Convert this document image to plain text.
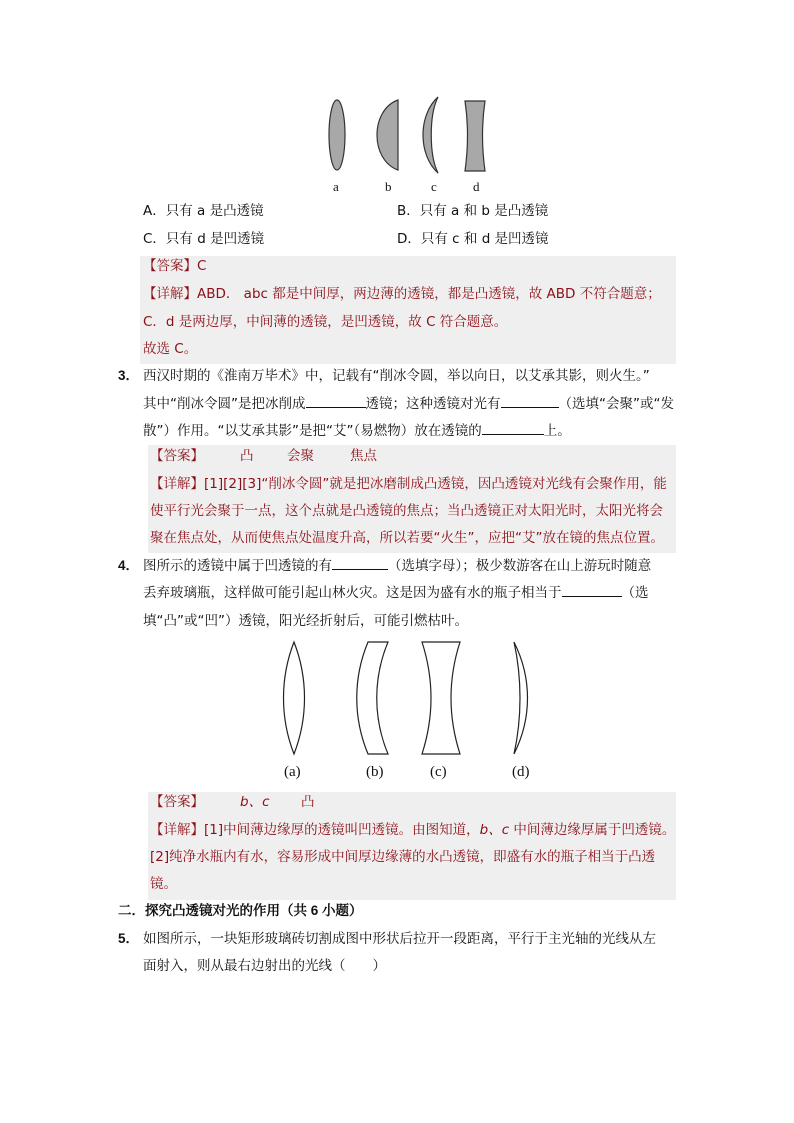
a	b	c	d
A．只有 a 是凸透镜	B．只有 a 和 b 是凸透镜
C．只有 d 是凹透镜	D．只有 c 和 d 是凹透镜
【答案】C
【详解】ABD． abc 都是中间厚，两边薄的透镜，都是凸透镜，故 ABD 不符合题意；
C．d 是两边厚，中间薄的透镜，是凹透镜，故 C 符合题意。
故选 C。
3． 西汉时期的《淮南万毕术》中，记载有“削冰令圆，举以向日，以艾承其影，则火生。”
其中“削冰令圆”是把冰削成	透镜；这种透镜对光有	（选填“会聚”或“发
散”）作用。“以艾承其影”是把“艾”（易燃物）放在透镜的	上。
【答案】	凸 会聚	焦点
【详解】[1][2][3]“削冰令圆”就是把冰磨制成凸透镜，因凸透镜对光线有会聚作用，能
使平行光会聚于一点，这个点就是凸透镜的焦点；当凸透镜正对太阳光时，太阳光将会
聚在焦点处，从而使焦点处温度升高，所以若要“火生”，应把“艾”放在镜的焦点位置。
4． 图所示的透镜中属于凹透镜的有	（选填字母）；极少数游客在山上游玩时随意
丢弃玻璃瓶，这样做可能引起山林火灾。这是因为盛有水的瓶子相当于	（选
填“凸”或“凹”）透镜，阳光经折射后，可能引燃枯叶。
(a)	(b)	(c)	(d)
【答案】	b、c 凸
【详解】[1]中间薄边缘厚的透镜叫凹透镜。由图知道，b、c 中间薄边缘厚属于凹透镜。
[2]纯净水瓶内有水，容易形成中间厚边缘薄的水凸透镜，即盛有水的瓶子相当于凸透
镜。
二．探究凸透镜对光的作用（共 6 小题）
5． 如图所示，一块矩形玻璃砖切割成图中形状后拉开一段距离，平行于主光轴的光线从左
面射入，则从最右边射出的光线（　　）
